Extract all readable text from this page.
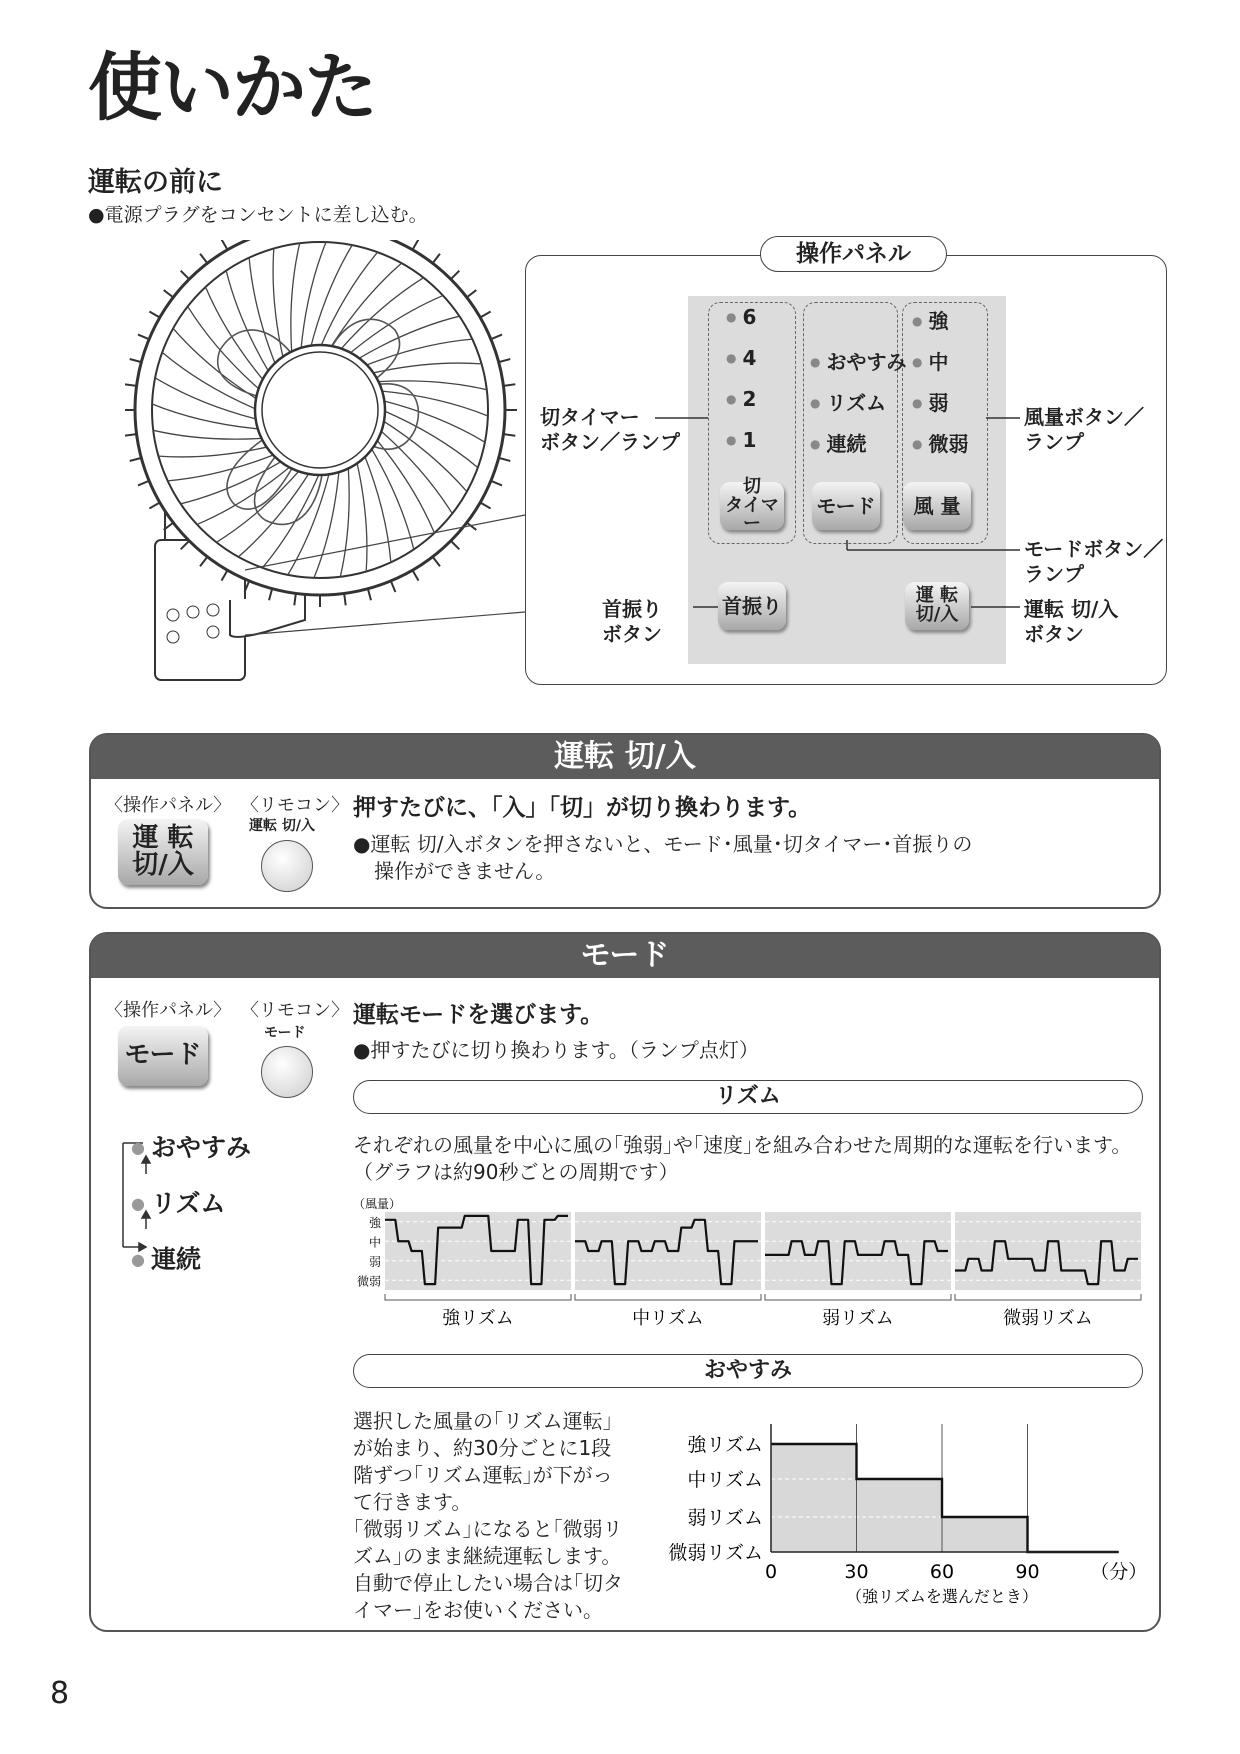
使いかた
運転の前に
●電源プラグをコンセントに差し込む。
操作パネル
● 6
● 4
● 2
● 1
● おやすみ
● リズム
● 連続
● 強
● 中
● 弱
● 微弱
切
タイマー
モード	風 量
首振り	運 転
切/入
切タイマー
ボタン／ランプ
風量ボタン／
ランプ
モードボタン／
ランプ
首振り
ボタン
運転 切/入
ボタン
運転 切/入
〈操作パネル〉 〈リモコン〉
運 転
切/入
運転 切/入
押すたびに、「入」「切」が切り換わります。
●運転 切/入ボタンを押さないと、モード･風量･切タイマー･首振りの
操作ができません。
モード
〈操作パネル〉 〈リモコン〉
モード
モード
運転モードを選びます。
●押すたびに切り換わります。（ランプ点灯）
● おやすみ
● リズム
● 連続
リズム
それぞれの風量を中心に風の｢強弱｣や｢速度｣を組み合わせた周期的な運転を行います。
（グラフは約90秒ごとの周期です）
（風量）
強
中
弱
微弱
強リズム	中リズム	弱リズム	微弱リズム
おやすみ
選択した風量の｢リズム運転｣
が始まり、約30分ごとに1段
階ずつ｢リズム運転｣が下がっ
て行きます。
｢微弱リズム｣になると｢微弱リ
ズム｣のまま継続運転します。
自動で停止したい場合は｢切タ
イマー｣をお使いください。
強リズム
中リズム
弱リズム
微弱リズム
0	30	60	90	（分）
（強リズムを選んだとき）
8
